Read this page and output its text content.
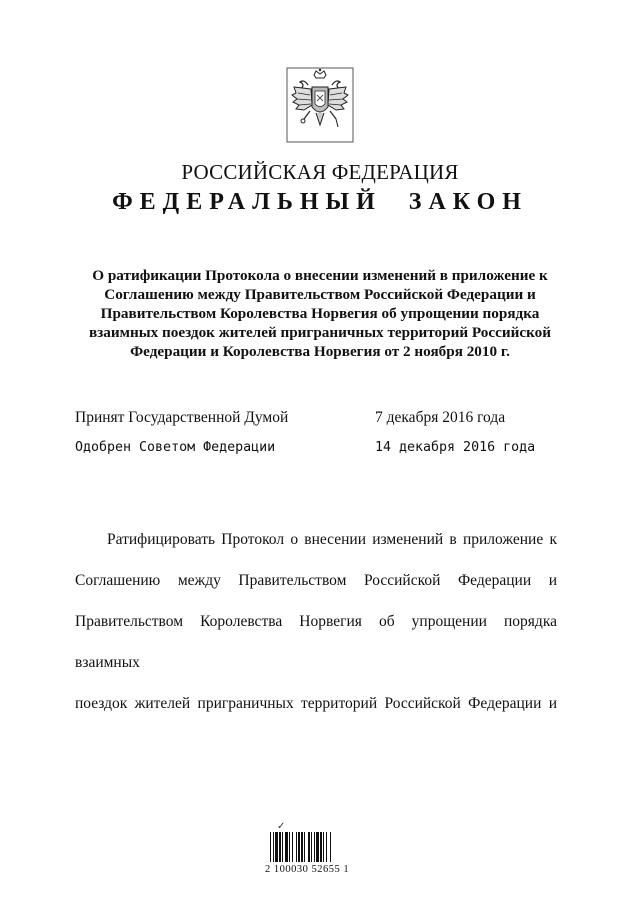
РОССИЙСКАЯ ФЕДЕРАЦИЯ
ФЕДЕРАЛЬНЫЙ ЗАКОН
О ратификации Протокола о внесении изменений в приложение к
Соглашению между Правительством Российской Федерации и
Правительством Королевства Норвегия об упрощении порядка
взаимных поездок жителей приграничных территорий Российской
Федерации и Королевства Норвегия от 2 ноября 2010 г.
Принят Государственной Думой	7 декабря 2016 года
Одобрен Советом Федерации	14 декабря 2016 года
Ратифицировать Протокол о внесении изменений в приложение к
Соглашению между Правительством Российской Федерации и
Правительством Королевства Норвегия об упрощении порядка взаимных
поездок жителей приграничных территорий Российской Федерации и
✓
2 100030 52655 1
